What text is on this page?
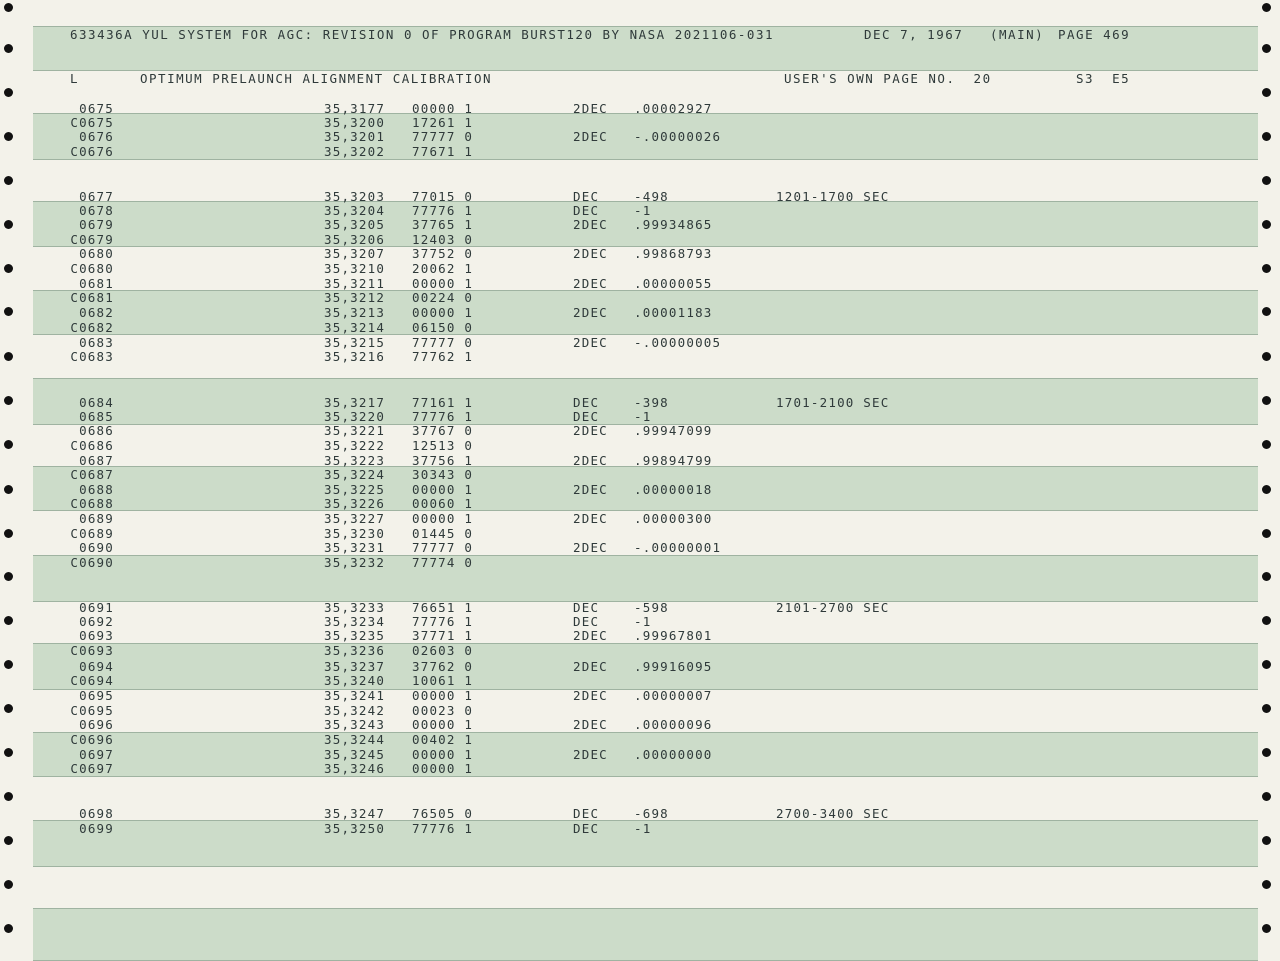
633436A YUL SYSTEM FOR AGC: REVISION 0 OF PROGRAM BURST120 BY NASA 2021106-031	DEC 7, 1967 (MAIN) PAGE 469
L	OPTIMUM PRELAUNCH ALIGNMENT CALIBRATION	USER'S OWN PAGE NO.  20	S3  E5
0675	35,3177 00000 1	2DEC .00002927
C0675	35,3200 17261 1
0676	35,3201 77777 0	2DEC -.00000026
C0676	35,3202 77671 1
0677	35,3203 77015 0	DEC	-498	1201-1700 SEC
0678	35,3204 77776 1	DEC	-1
0679	35,3205 37765 1	2DEC .99934865
C0679	35,3206 12403 0
0680	35,3207 37752 0	2DEC .99868793
C0680	35,3210 20062 1
0681	35,3211 00000 1	2DEC .00000055
C0681	35,3212 00224 0
0682	35,3213 00000 1	2DEC .00001183
C0682	35,3214 06150 0
0683	35,3215 77777 0	2DEC -.00000005
C0683	35,3216 77762 1
0684	35,3217 77161 1	DEC	-398	1701-2100 SEC
0685	35,3220 77776 1	DEC	-1
0686	35,3221 37767 0	2DEC .99947099
C0686	35,3222 12513 0
0687	35,3223 37756 1	2DEC .99894799
C0687	35,3224 30343 0
0688	35,3225 00000 1	2DEC .00000018
C0688	35,3226 00060 1
0689	35,3227 00000 1	2DEC .00000300
C0689	35,3230 01445 0
0690	35,3231 77777 0	2DEC -.00000001
C0690	35,3232 77774 0
0691	35,3233 76651 1	DEC	-598	2101-2700 SEC
0692	35,3234 77776 1	DEC	-1
0693	35,3235 37771 1	2DEC .99967801
C0693	35,3236 02603 0
0694	35,3237 37762 0	2DEC .99916095
C0694	35,3240 10061 1
0695	35,3241 00000 1	2DEC .00000007
C0695	35,3242 00023 0
0696	35,3243 00000 1	2DEC .00000096
C0696	35,3244 00402 1
0697	35,3245 00000 1	2DEC .00000000
C0697	35,3246 00000 1
0698	35,3247 76505 0	DEC	-698	2700-3400 SEC
0699	35,3250 77776 1	DEC	-1
